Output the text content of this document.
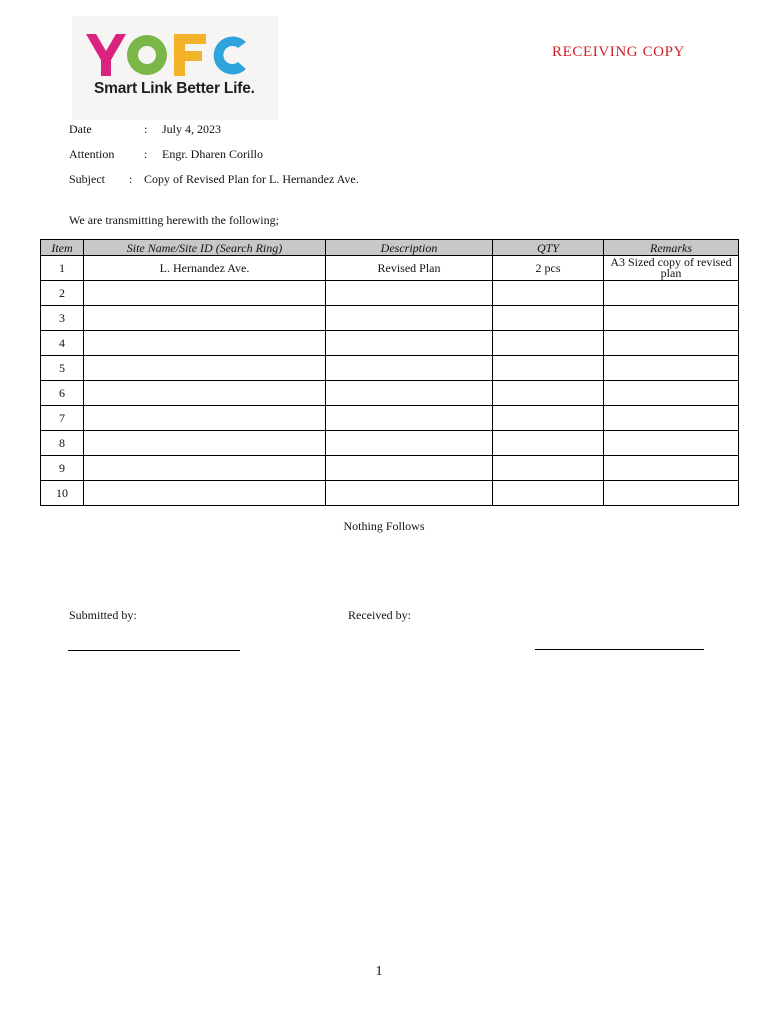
Smart Link Better Life.
RECEIVING COPY
Date	: July 4, 2023
Attention : Engr. Dharen Corillo
Subject : Copy of Revised Plan for L. Hernandez Ave.
We are transmitting herewith the following;
Item	Site Name/Site ID (Search Ring)	Description	QTY	Remarks
1	L. Hernandez Ave.	Revised Plan	2 pcs	A3 Sized copy of revised plan
2				
3				
4				
5				
6				
7				
8				
9				
10				
Nothing Follows
Submitted by:	Received by:
1
